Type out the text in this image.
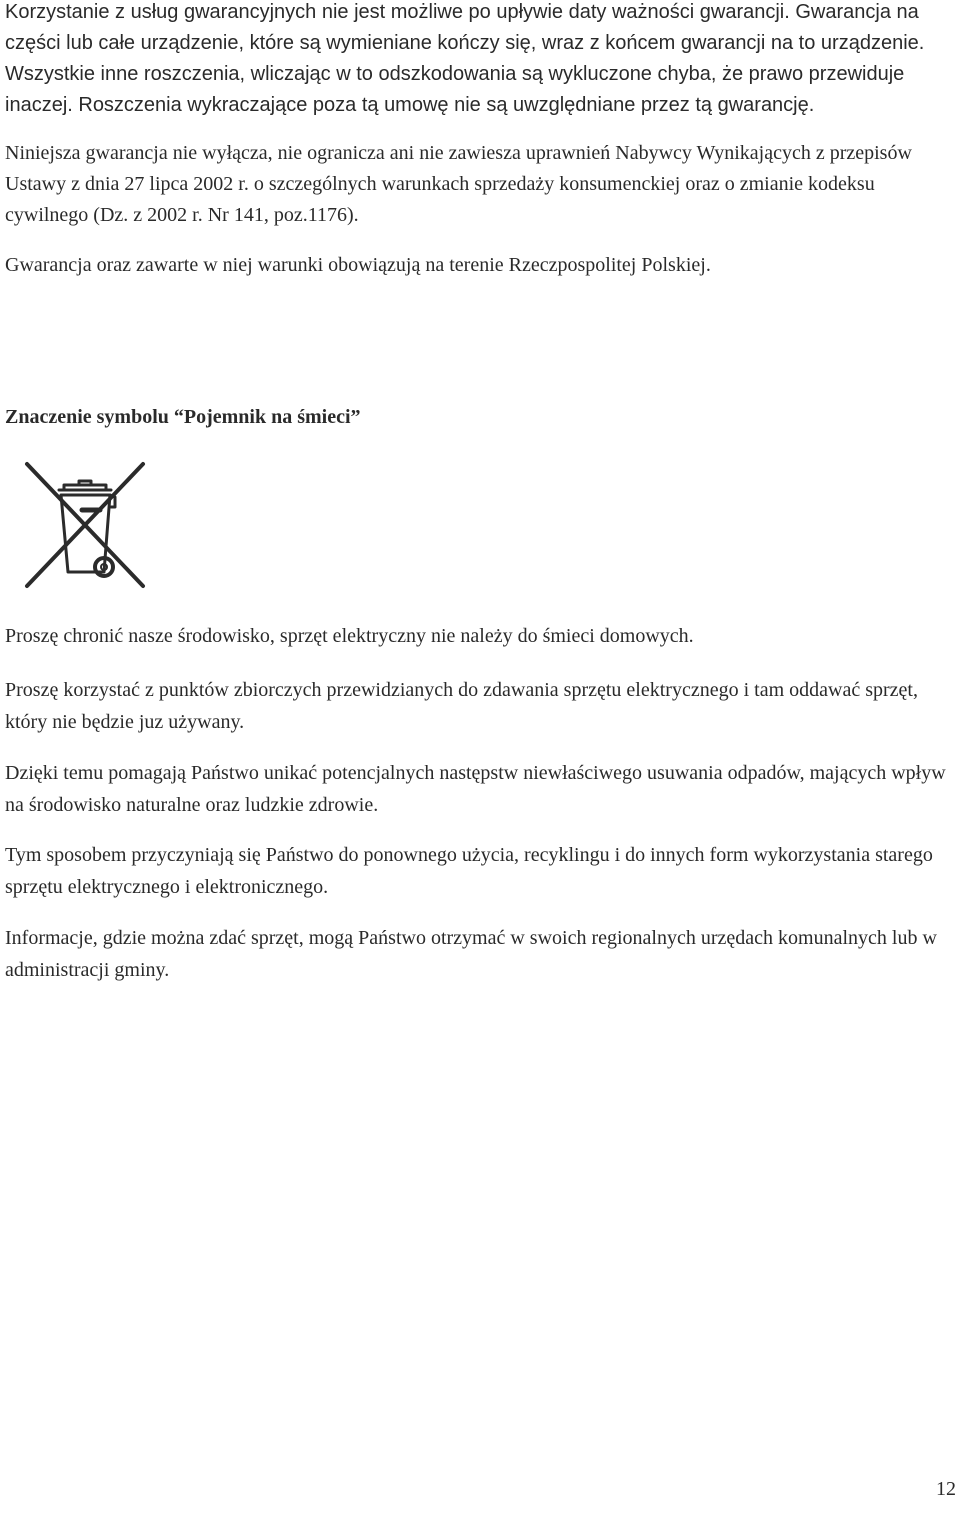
Korzystanie z usług gwarancyjnych nie jest możliwe po upływie daty ważności gwarancji. Gwarancja na części lub całe urządzenie, które są wymieniane kończy się, wraz z końcem gwarancji na to urządzenie. Wszystkie inne roszczenia, wliczając w to odszkodowania są wykluczone chyba, że prawo przewiduje inaczej. Roszczenia wykraczające poza tą umowę nie są uwzględniane przez tą gwarancję.

Niniejsza gwarancja nie wyłącza, nie ogranicza ani nie zawiesza uprawnień Nabywcy Wynikających z przepisów Ustawy z dnia 27 lipca 2002 r. o szczególnych warunkach sprzedaży konsumenckiej oraz o zmianie kodeksu cywilnego (Dz. z 2002 r. Nr 141, poz.1176).

Gwarancja oraz zawarte w niej warunki obowiązują na terenie Rzeczpospolitej Polskiej.

Znaczenie symbolu “Pojemnik na śmieci”

Proszę chronić nasze środowisko, sprzęt elektryczny nie należy do śmieci domowych.

Proszę korzystać z punktów zbiorczych przewidzianych do zdawania sprzętu elektrycznego i tam oddawać sprzęt, który nie będzie juz używany.

Dzięki temu pomagają Państwo unikać potencjalnych następstw niewłaściwego usuwania odpadów, mających wpływ na środowisko naturalne oraz ludzkie zdrowie.

Tym sposobem przyczyniają się Państwo do ponownego użycia, recyklingu i do innych form wykorzystania starego sprzętu elektrycznego i elektronicznego.

Informacje, gdzie można zdać sprzęt, mogą Państwo otrzymać w swoich regionalnych urzędach komunalnych lub w administracji gminy.

12
